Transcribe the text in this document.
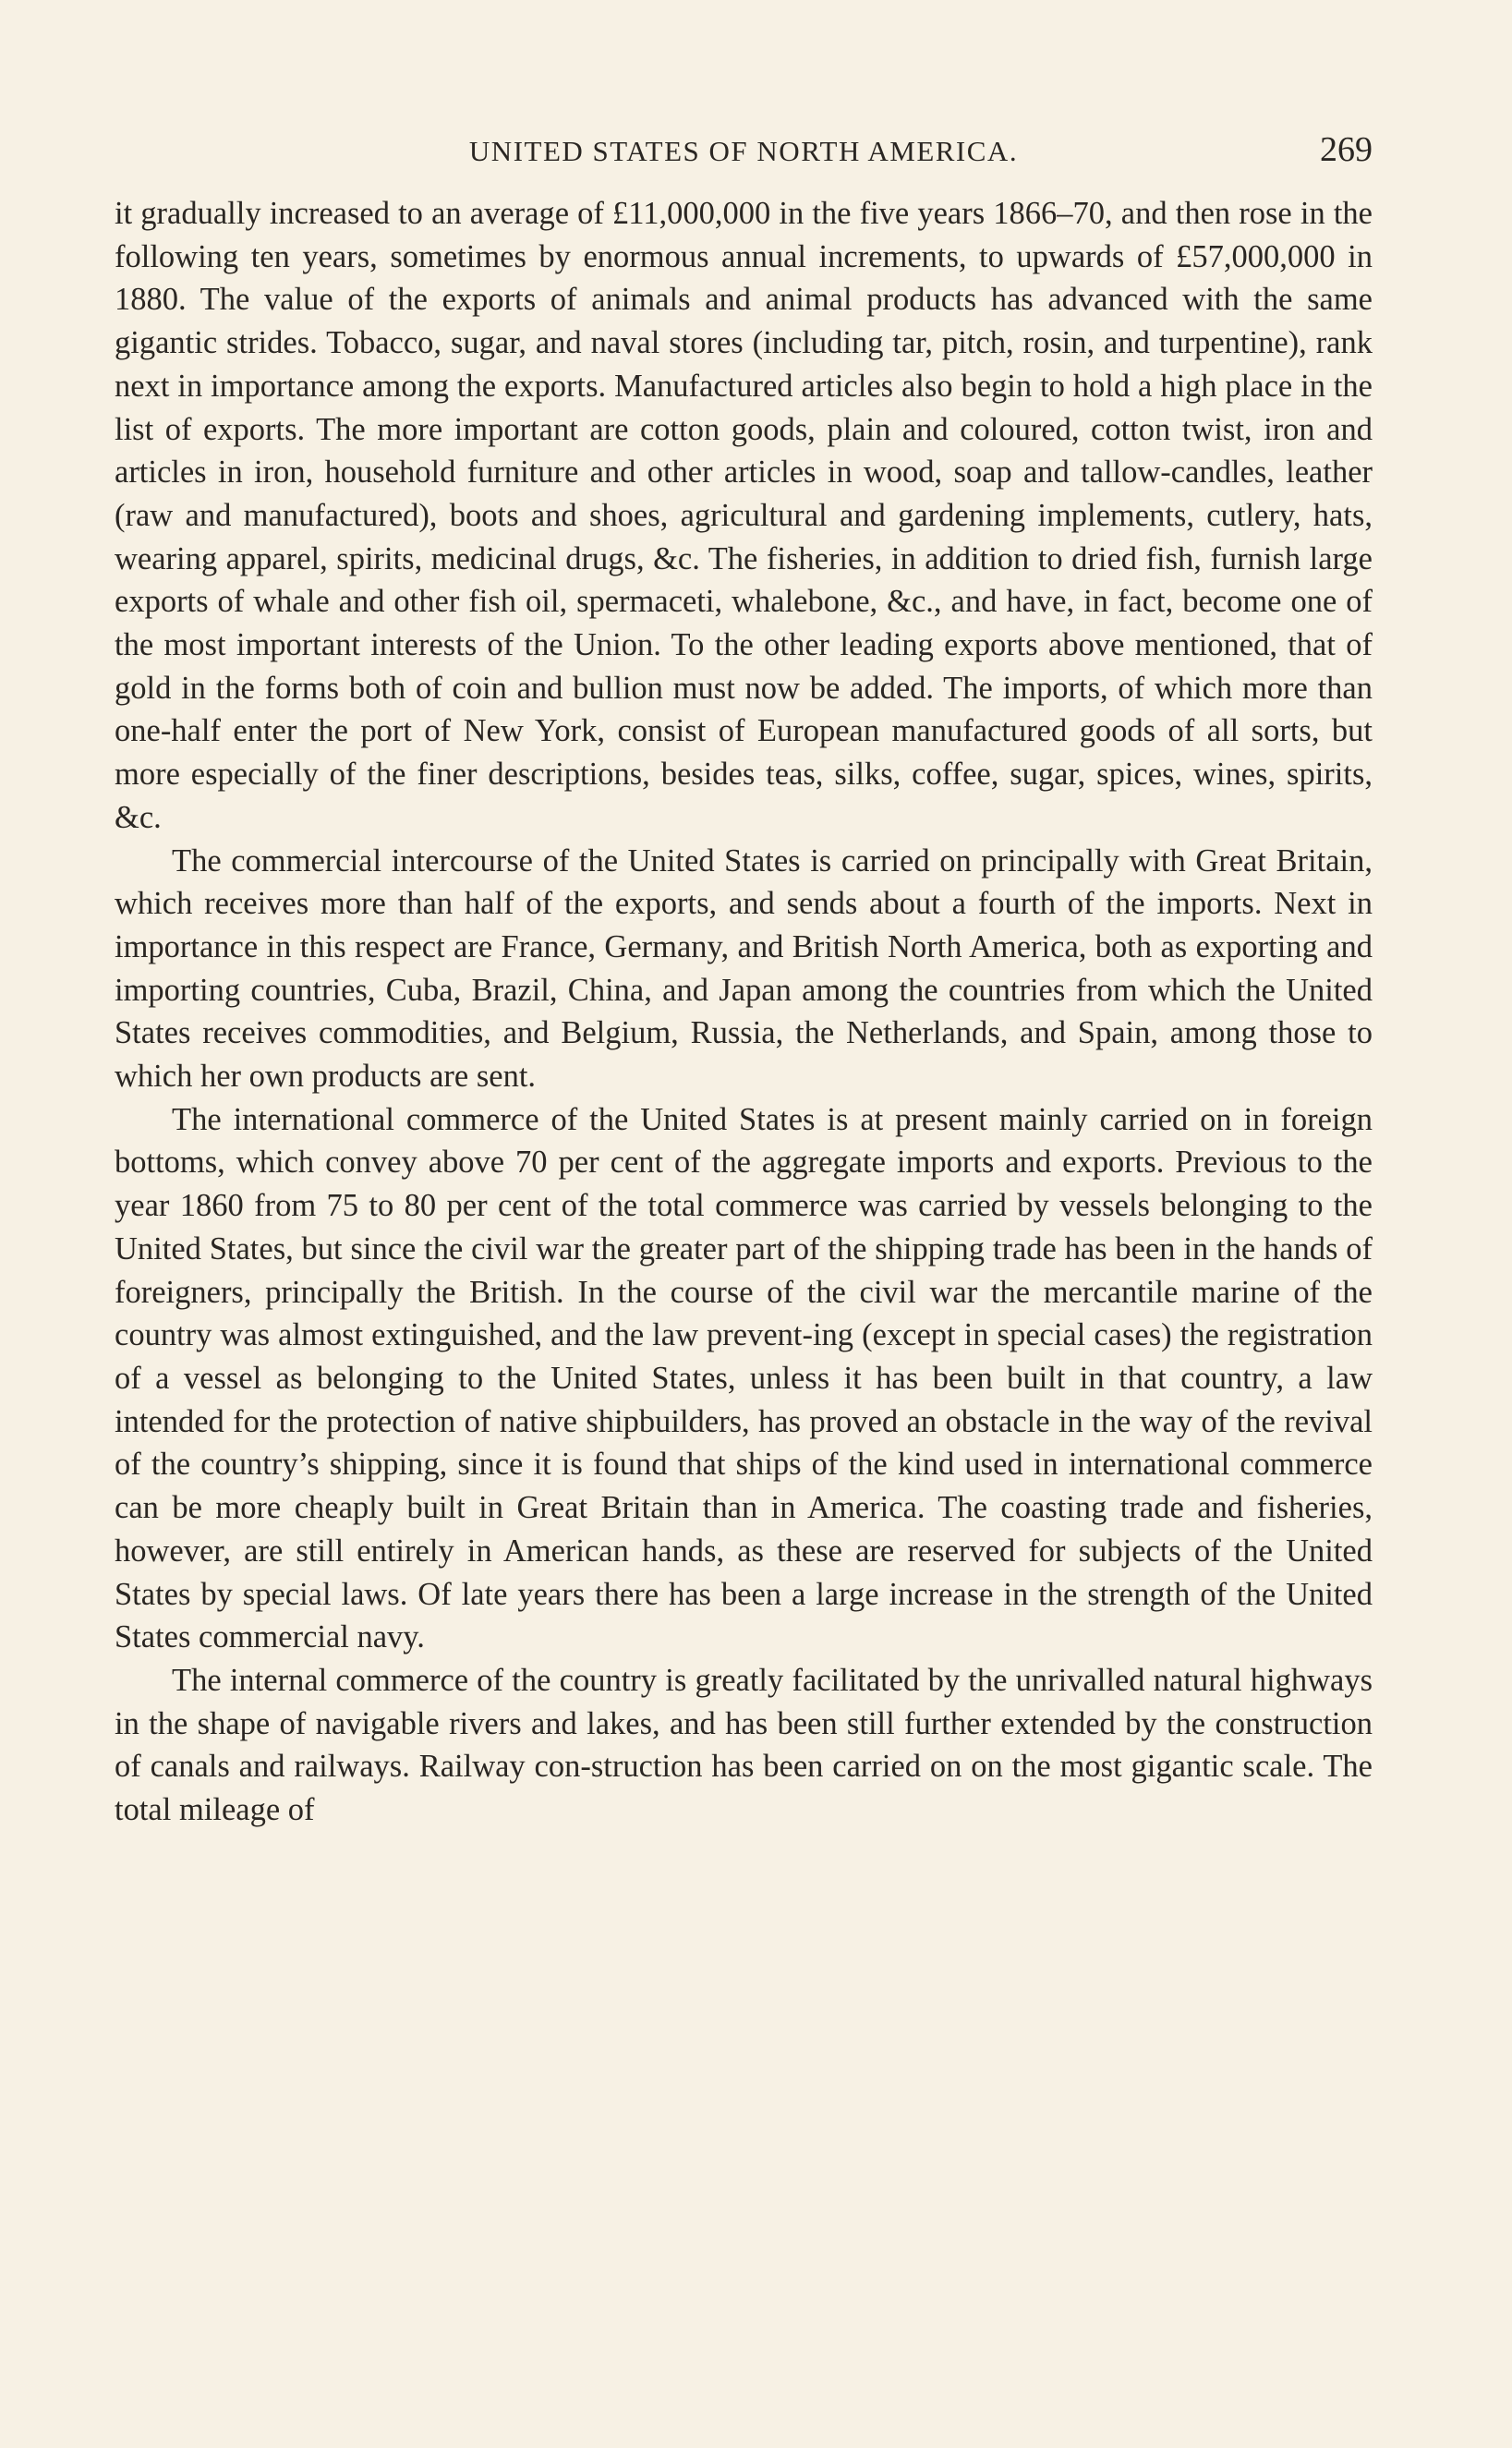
UNITED STATES OF NORTH AMERICA.	269

it gradually increased to an average of £11,000,000 in the five years 1866–70, and then rose in the following ten years, sometimes by enormous annual increments, to upwards of £57,000,000 in 1880. The value of the exports of animals and animal products has advanced with the same gigantic strides. Tobacco, sugar, and naval stores (including tar, pitch, rosin, and turpentine), rank next in importance among the exports. Manufactured articles also begin to hold a high place in the list of exports. The more important are cotton goods, plain and coloured, cotton twist, iron and articles in iron, household furniture and other articles in wood, soap and tallow-candles, leather (raw and manufactured), boots and shoes, agricultural and gardening implements, cutlery, hats, wearing apparel, spirits, medicinal drugs, &c. The fisheries, in addition to dried fish, furnish large exports of whale and other fish oil, spermaceti, whalebone, &c., and have, in fact, become one of the most important interests of the Union. To the other leading exports above mentioned, that of gold in the forms both of coin and bullion must now be added. The imports, of which more than one-half enter the port of New York, consist of European manufactured goods of all sorts, but more especially of the finer descriptions, besides teas, silks, coffee, sugar, spices, wines, spirits, &c.

The commercial intercourse of the United States is carried on principally with Great Britain, which receives more than half of the exports, and sends about a fourth of the imports. Next in importance in this respect are France, Germany, and British North America, both as exporting and importing countries, Cuba, Brazil, China, and Japan among the countries from which the United States receives commodities, and Belgium, Russia, the Netherlands, and Spain, among those to which her own products are sent.

The international commerce of the United States is at present mainly carried on in foreign bottoms, which convey above 70 per cent of the aggregate imports and exports. Previous to the year 1860 from 75 to 80 per cent of the total commerce was carried by vessels belonging to the United States, but since the civil war the greater part of the shipping trade has been in the hands of foreigners, principally the British. In the course of the civil war the mercantile marine of the country was almost extinguished, and the law prevent-ing (except in special cases) the registration of a vessel as belonging to the United States, unless it has been built in that country, a law intended for the protection of native shipbuilders, has proved an obstacle in the way of the revival of the country’s shipping, since it is found that ships of the kind used in international commerce can be more cheaply built in Great Britain than in America. The coasting trade and fisheries, however, are still entirely in American hands, as these are reserved for subjects of the United States by special laws. Of late years there has been a large increase in the strength of the United States commercial navy.

The internal commerce of the country is greatly facilitated by the unrivalled natural highways in the shape of navigable rivers and lakes, and has been still further extended by the construction of canals and railways. Railway con-struction has been carried on on the most gigantic scale. The total mileage of
